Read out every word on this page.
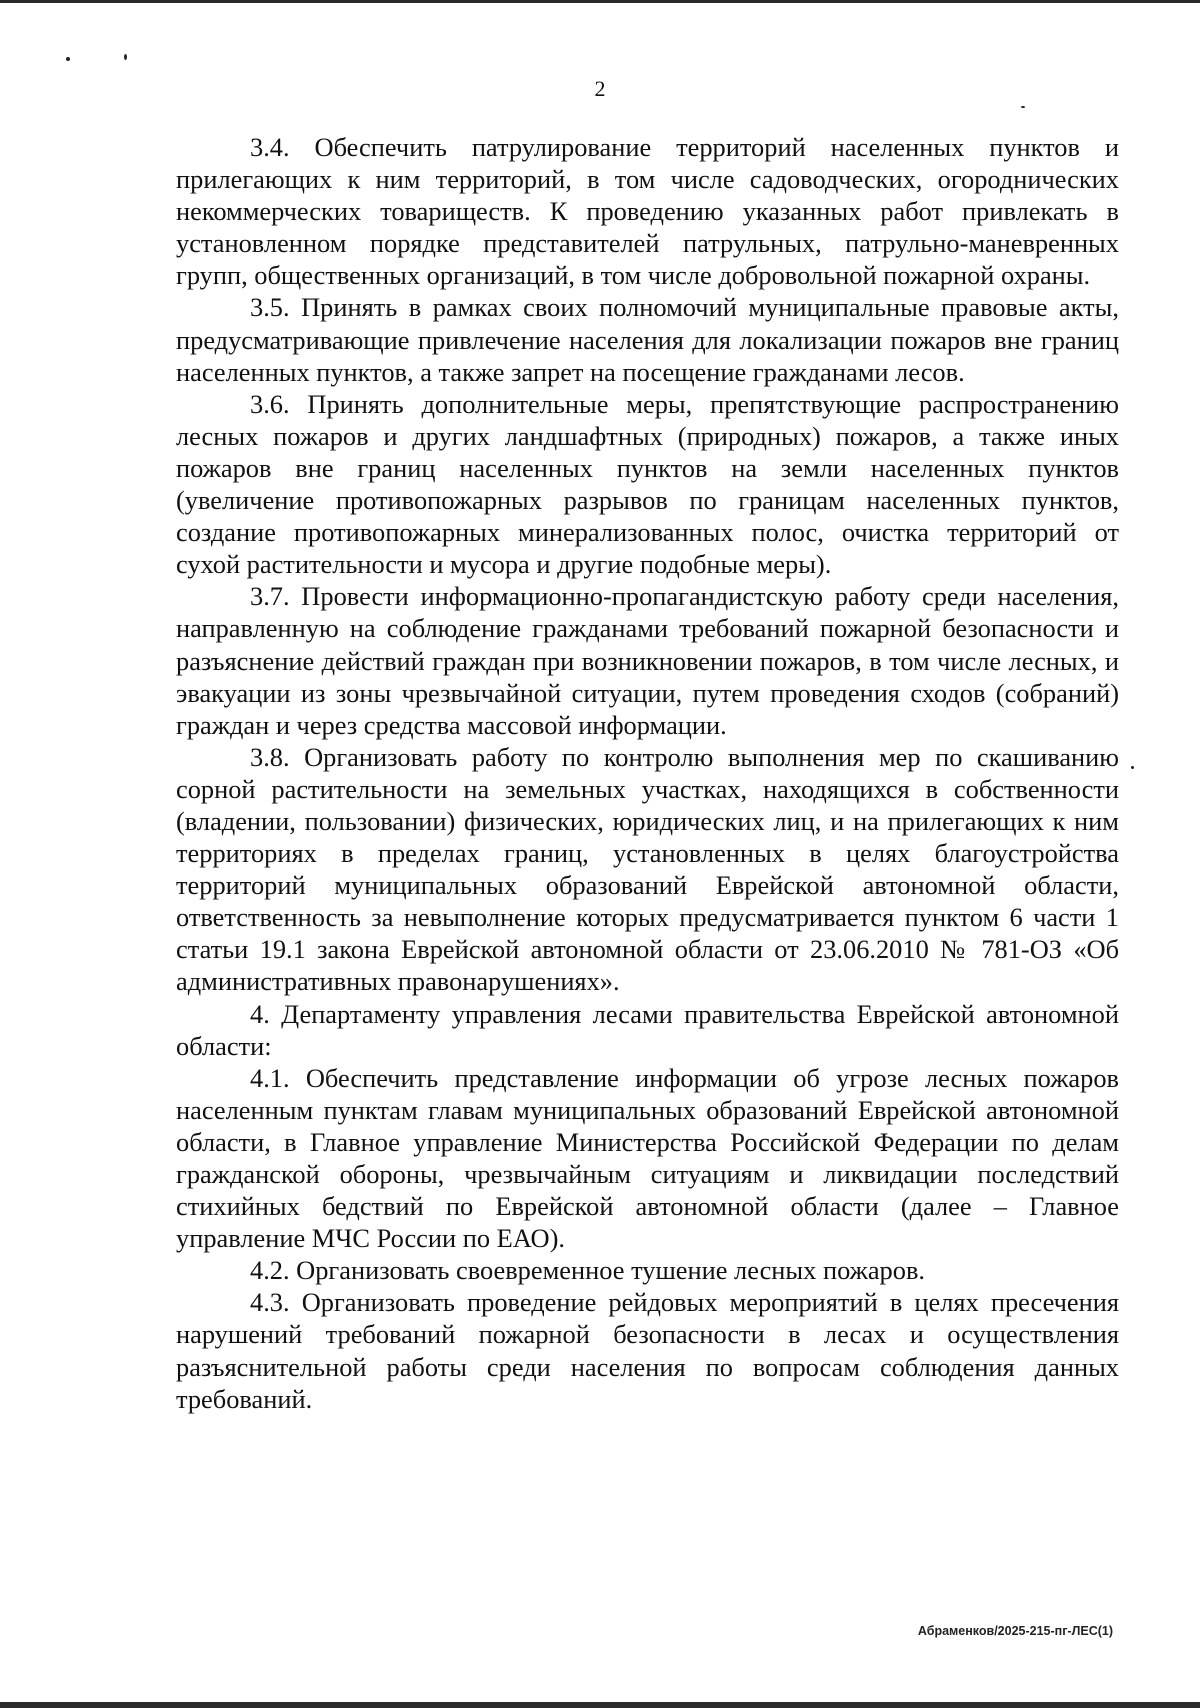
2

3.4. Обеспечить патрулирование территорий населенных пунктов и прилегающих к ним территорий, в том числе садоводческих, огороднических некоммерческих товариществ. К проведению указанных работ привлекать в установленном порядке представителей патрульных, патрульно-маневренных групп, общественных организаций, в том числе добровольной пожарной охраны.

3.5. Принять в рамках своих полномочий муниципальные правовые акты, предусматривающие привлечение населения для локализации пожаров вне границ населенных пунктов, а также запрет на посещение гражданами лесов.

3.6. Принять дополнительные меры, препятствующие распространению лесных пожаров и других ландшафтных (природных) пожаров, а также иных пожаров вне границ населенных пунктов на земли населенных пунктов (увеличение противопожарных разрывов по границам населенных пунктов, создание противопожарных минерализованных полос, очистка территорий от сухой растительности и мусора и другие подобные меры).

3.7. Провести информационно-пропагандистскую работу среди населения, направленную на соблюдение гражданами требований пожарной безопасности и разъяснение действий граждан при возникновении пожаров, в том числе лесных, и эвакуации из зоны чрезвычайной ситуации, путем проведения сходов (собраний) граждан и через средства массовой информации.

3.8. Организовать работу по контролю выполнения мер по скашиванию сорной растительности на земельных участках, находящихся в собственности (владении, пользовании) физических, юридических лиц, и на прилегающих к ним территориях в пределах границ, установленных в целях благоустройства территорий муниципальных образований Еврейской автономной области, ответственность за невыполнение которых предусматривается пунктом 6 части 1 статьи 19.1 закона Еврейской автономной области от 23.06.2010 № 781-ОЗ «Об административных правонарушениях».

4. Департаменту управления лесами правительства Еврейской автономной области:

4.1. Обеспечить представление информации об угрозе лесных пожаров населенным пунктам главам муниципальных образований Еврейской автономной области, в Главное управление Министерства Российской Федерации по делам гражданской обороны, чрезвычайным ситуациям и ликвидации последствий стихийных бедствий по Еврейской автономной области (далее – Главное управление МЧС России по ЕАО).

4.2. Организовать своевременное тушение лесных пожаров.

4.3. Организовать проведение рейдовых мероприятий в целях пресечения нарушений требований пожарной безопасности в лесах и осуществления разъяснительной работы среди населения по вопросам соблюдения данных требований.

Абраменков/2025-215-пг-ЛЕС(1)
